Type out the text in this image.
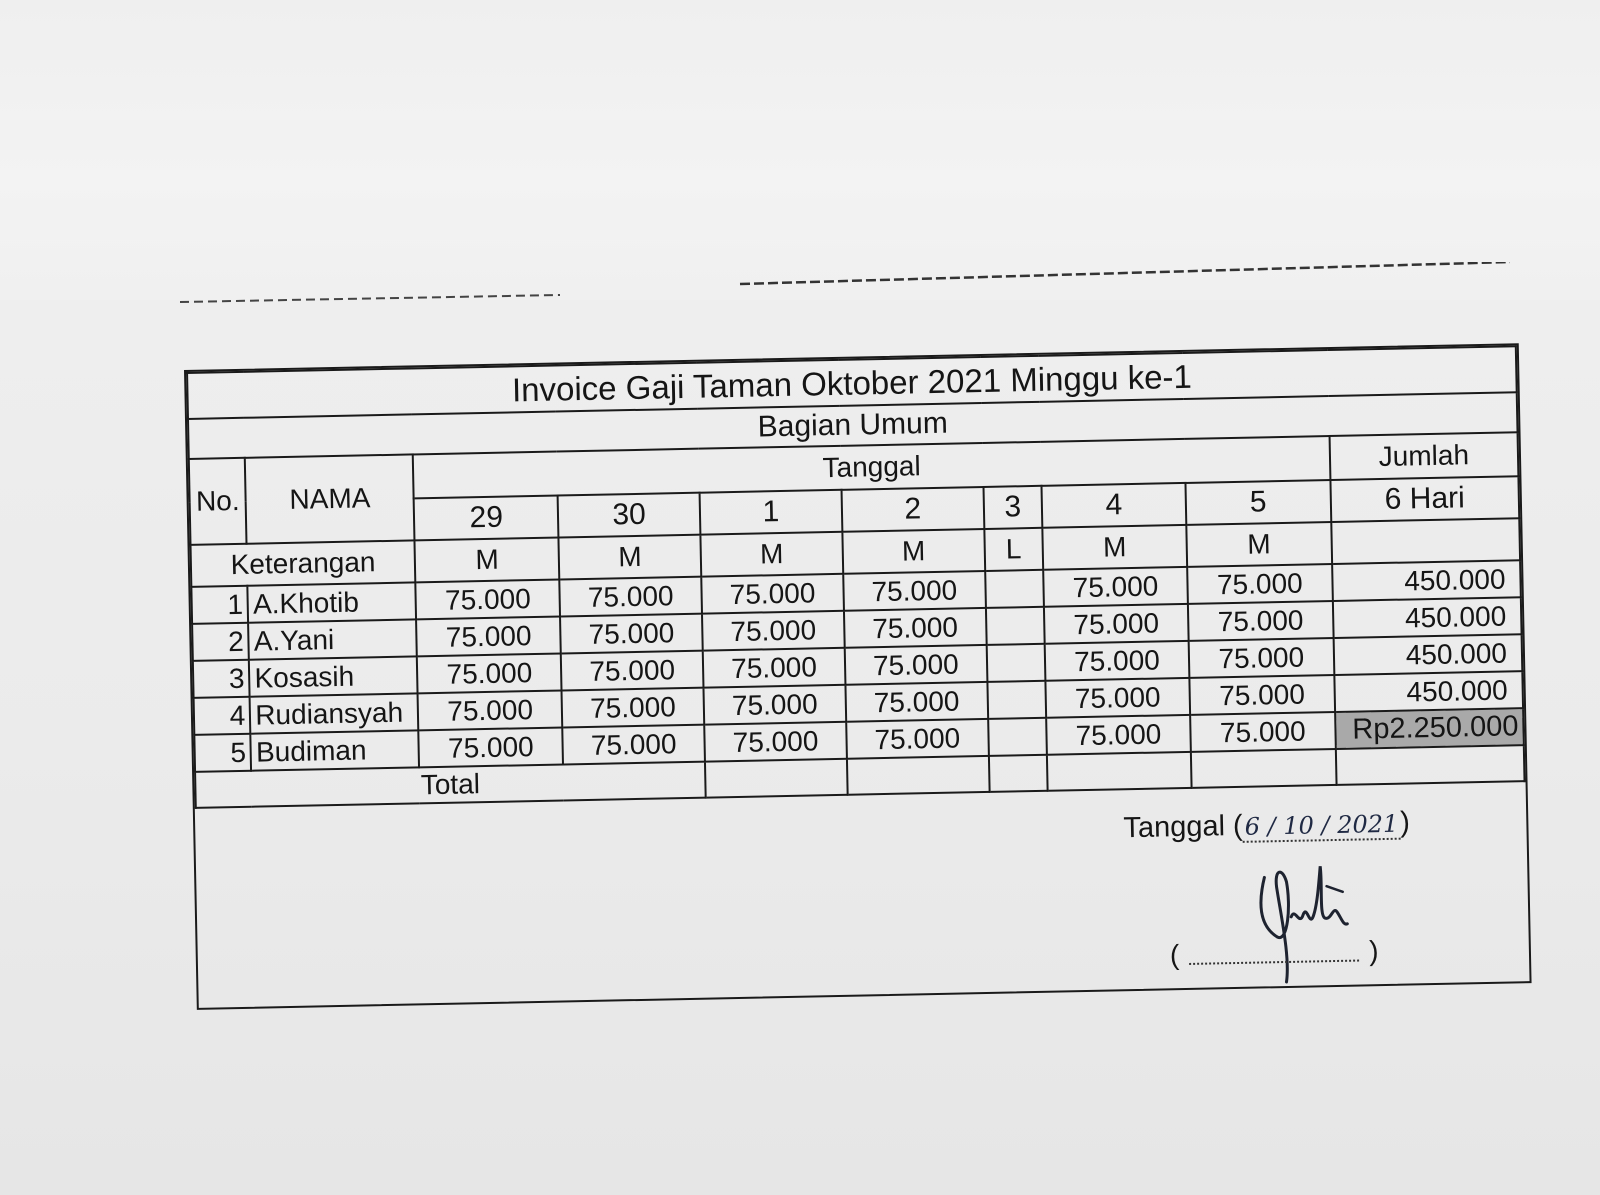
Invoice Gaji Taman Oktober 2021 Minggu ke-1									
Bagian Umum									
No.	NAMA	Tanggal							Jumlah
		29	30	1	2	3	4	5	6 Hari
Keterangan		M	M	M	M	L	M	M	
1	A.Khotib	75.000	75.000	75.000	75.000		75.000	75.000	450.000
2	A.Yani	75.000	75.000	75.000	75.000		75.000	75.000	450.000
3	Kosasih	75.000	75.000	75.000	75.000		75.000	75.000	450.000
4	Rudiansyah	75.000	75.000	75.000	75.000		75.000	75.000	450.000
5	Budiman	75.000	75.000	75.000	75.000		75.000	75.000	Rp2.250.000
Total									
Tanggal (6 / 10 / 2021)
(	)
